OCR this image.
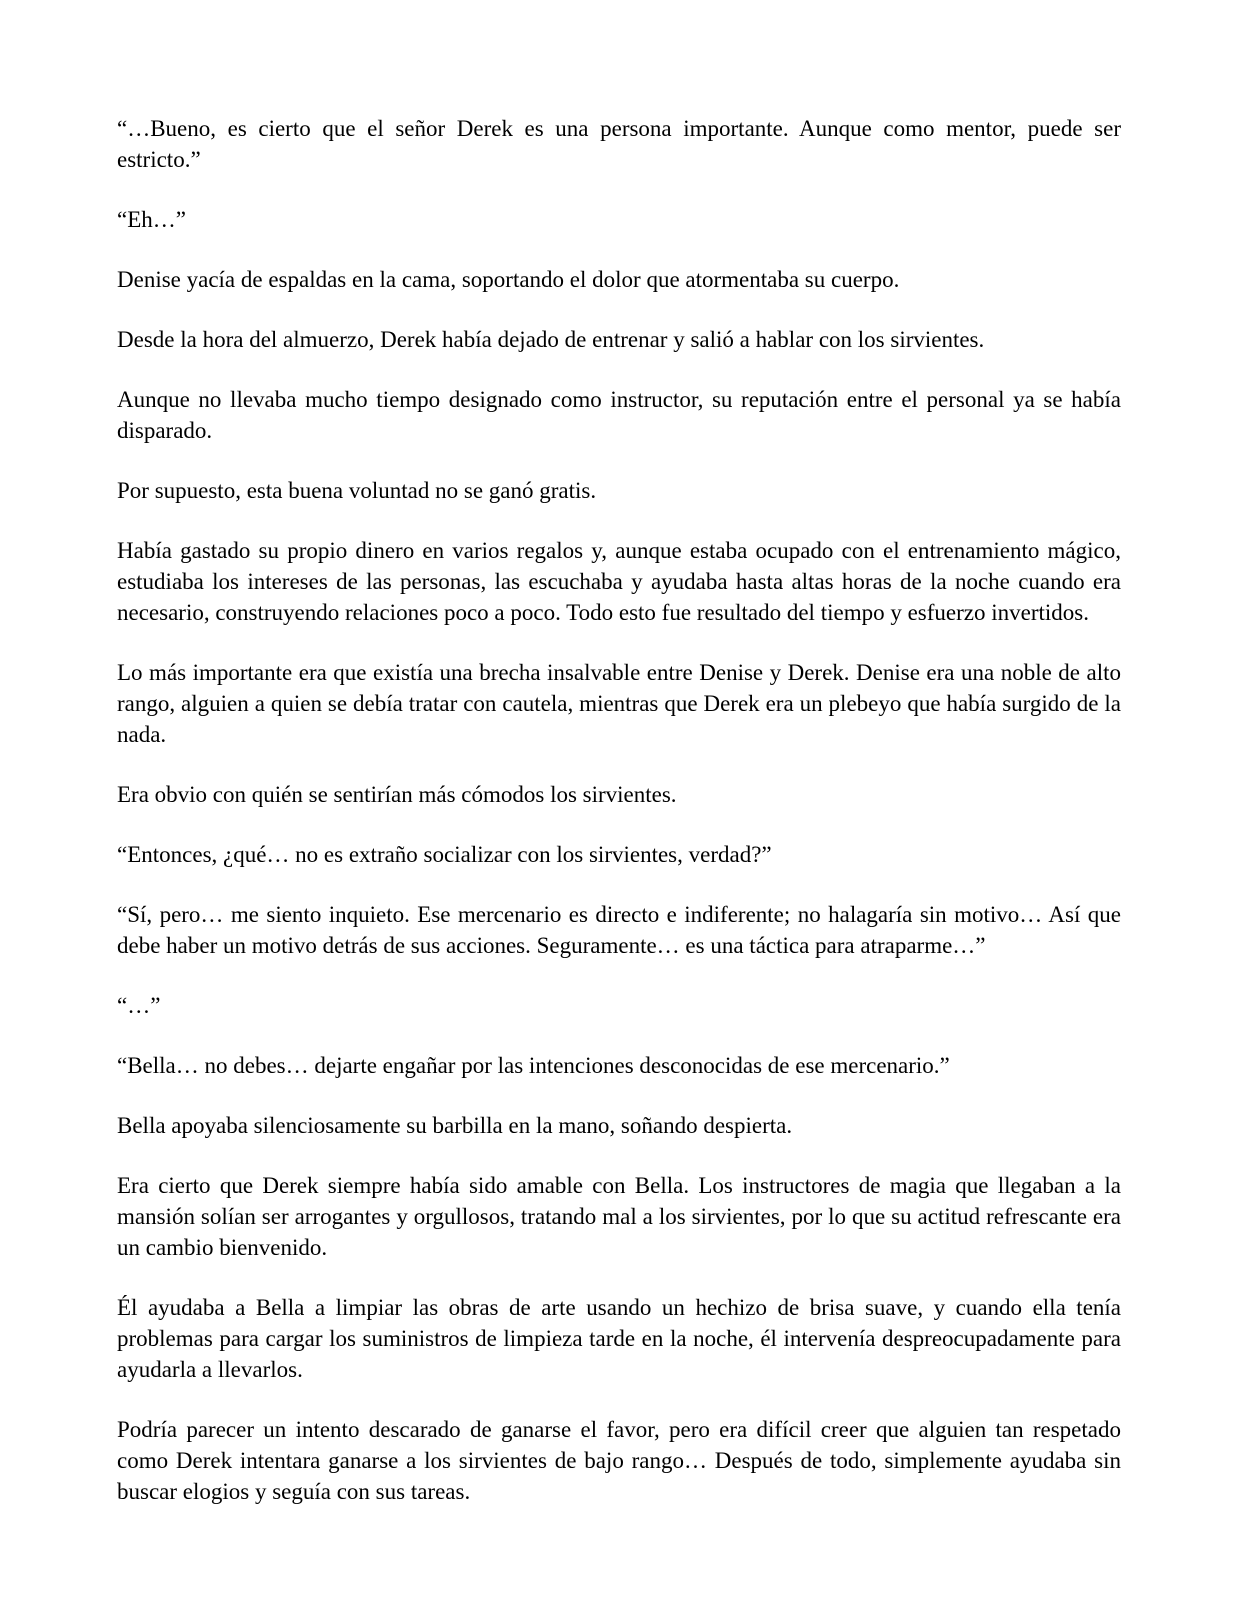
“…Bueno, es cierto que el señor Derek es una persona importante. Aunque como mentor, puede ser estricto.”

“Eh…”

Denise yacía de espaldas en la cama, soportando el dolor que atormentaba su cuerpo.

Desde la hora del almuerzo, Derek había dejado de entrenar y salió a hablar con los sirvientes.

Aunque no llevaba mucho tiempo designado como instructor, su reputación entre el personal ya se había disparado.

Por supuesto, esta buena voluntad no se ganó gratis.

Había gastado su propio dinero en varios regalos y, aunque estaba ocupado con el entrenamiento mágico, estudiaba los intereses de las personas, las escuchaba y ayudaba hasta altas horas de la noche cuando era necesario, construyendo relaciones poco a poco. Todo esto fue resultado del tiempo y esfuerzo invertidos.

Lo más importante era que existía una brecha insalvable entre Denise y Derek. Denise era una noble de alto rango, alguien a quien se debía tratar con cautela, mientras que Derek era un plebeyo que había surgido de la nada.

Era obvio con quién se sentirían más cómodos los sirvientes.

“Entonces, ¿qué… no es extraño socializar con los sirvientes, verdad?”

“Sí, pero… me siento inquieto. Ese mercenario es directo e indiferente; no halagaría sin motivo… Así que debe haber un motivo detrás de sus acciones. Seguramente… es una táctica para atraparme…”

“…”

“Bella… no debes… dejarte engañar por las intenciones desconocidas de ese mercenario.”

Bella apoyaba silenciosamente su barbilla en la mano, soñando despierta.

Era cierto que Derek siempre había sido amable con Bella. Los instructores de magia que llegaban a la mansión solían ser arrogantes y orgullosos, tratando mal a los sirvientes, por lo que su actitud refrescante era un cambio bienvenido.

Él ayudaba a Bella a limpiar las obras de arte usando un hechizo de brisa suave, y cuando ella tenía problemas para cargar los suministros de limpieza tarde en la noche, él intervenía despreocupadamente para ayudarla a llevarlos.

Podría parecer un intento descarado de ganarse el favor, pero era difícil creer que alguien tan respetado como Derek intentara ganarse a los sirvientes de bajo rango… Después de todo, simplemente ayudaba sin buscar elogios y seguía con sus tareas.
